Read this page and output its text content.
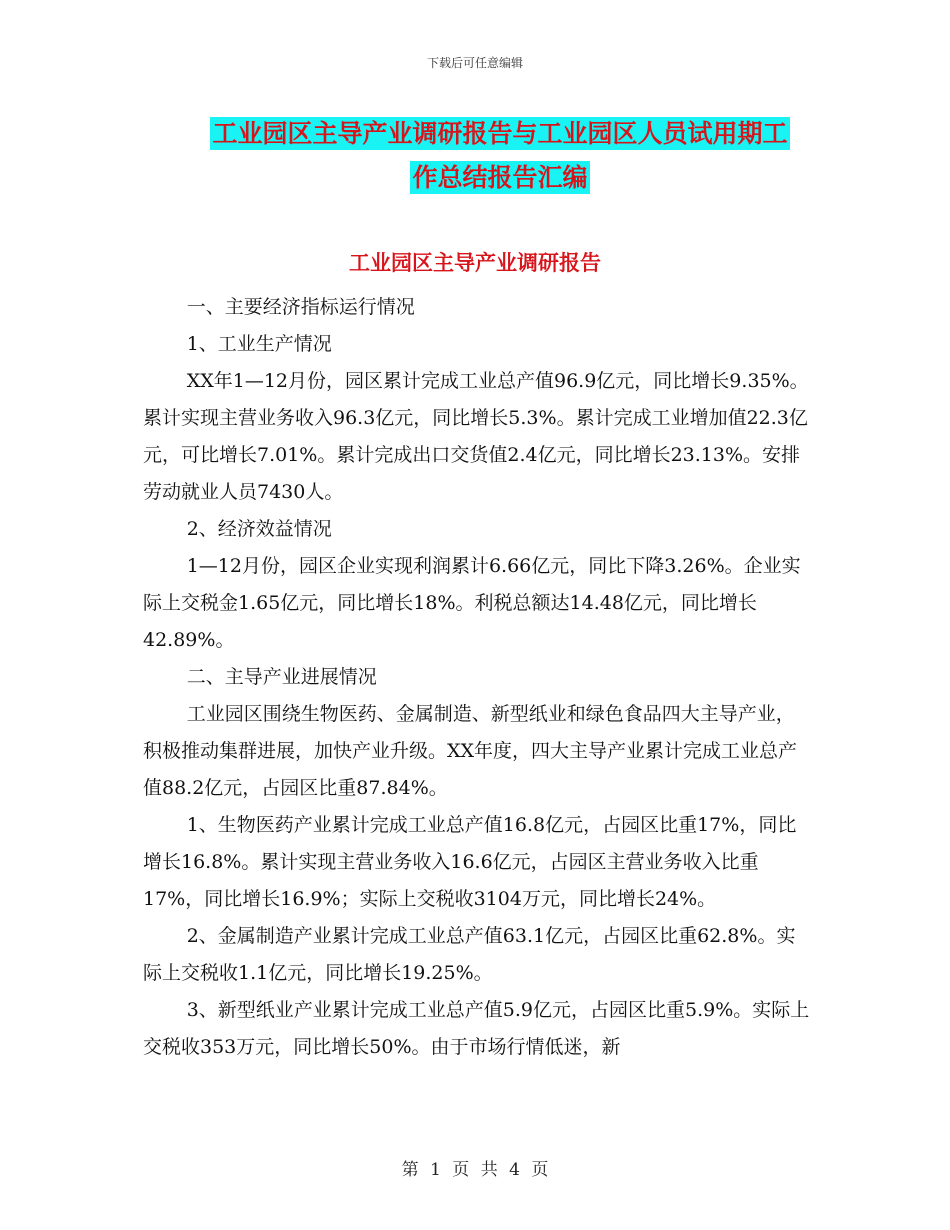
下载后可任意编辑
工业园区主导产业调研报告与工业园区人员试用期工
作总结报告汇编
工业园区主导产业调研报告

一、主要经济指标运行情况

1、工业生产情况

XX年1—12月份，园区累计完成工业总产值96.9亿元，同比增长9.35%。累计实现主营业务收入96.3亿元，同比增长5.3%。累计完成工业增加值22.3亿元，可比增长7.01%。累计完成出口交货值2.4亿元，同比增长23.13%。安排劳动就业人员7430人。

2、经济效益情况

1—12月份，园区企业实现利润累计6.66亿元，同比下降3.26%。企业实际上交税金1.65亿元，同比增长18%。利税总额达14.48亿元，同比增长42.89%。

二、主导产业进展情况

工业园区围绕生物医药、金属制造、新型纸业和绿色食品四大主导产业，积极推动集群进展，加快产业升级。XX年度，四大主导产业累计完成工业总产值88.2亿元，占园区比重87.84%。

1、生物医药产业累计完成工业总产值16.8亿元，占园区比重17%，同比增长16.8%。累计实现主营业务收入16.6亿元，占园区主营业务收入比重17%，同比增长16.9%；实际上交税收3104万元，同比增长24%。

2、金属制造产业累计完成工业总产值63.1亿元，占园区比重62.8%。实际上交税收1.1亿元，同比增长19.25%。

3、新型纸业产业累计完成工业总产值5.9亿元，占园区比重5.9%。实际上交税收353万元，同比增长50%。由于市场行情低迷，新

第 1 页 共 4 页
